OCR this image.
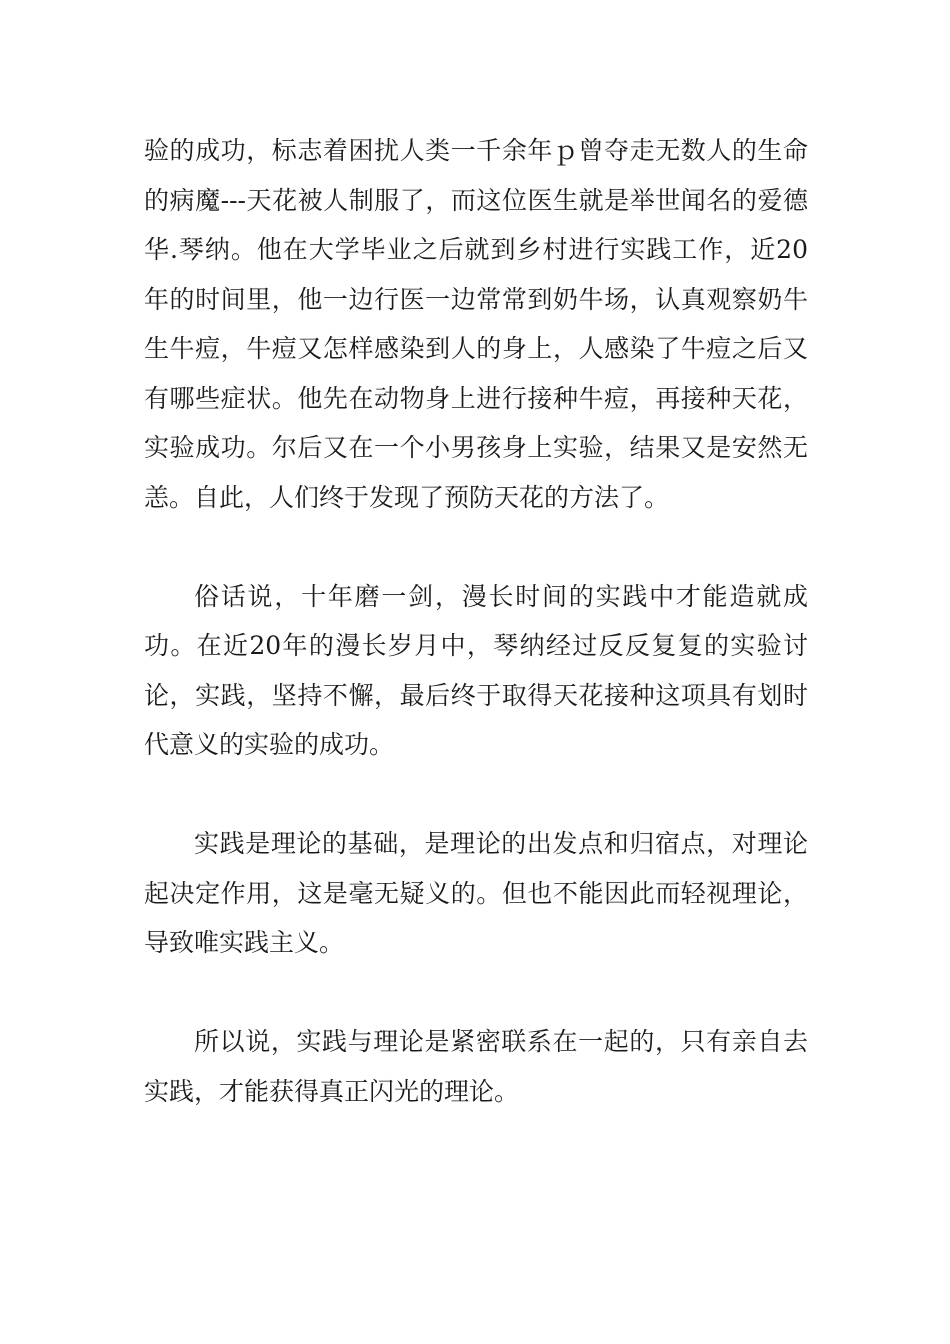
验的成功，标志着困扰人类一千余年ｐ曾夺走无数人的生命的病魔---天花被人制服了，而这位医生就是举世闻名的爱德华.琴纳。他在大学毕业之后就到乡村进行实践工作，近20年的时间里，他一边行医一边常常到奶牛场，认真观察奶牛生牛痘，牛痘又怎样感染到人的身上，人感染了牛痘之后又有哪些症状。他先在动物身上进行接种牛痘，再接种天花，实验成功。尔后又在一个小男孩身上实验，结果又是安然无恙。自此，人们终于发现了预防天花的方法了。

俗话说，十年磨一剑，漫长时间的实践中才能造就成功。在近20年的漫长岁月中，琴纳经过反反复复的实验讨论，实践，坚持不懈，最后终于取得天花接种这项具有划时代意义的实验的成功。

实践是理论的基础，是理论的出发点和归宿点，对理论起决定作用，这是毫无疑义的。但也不能因此而轻视理论，导致唯实践主义。

所以说，实践与理论是紧密联系在一起的，只有亲自去实践，才能获得真正闪光的理论。
